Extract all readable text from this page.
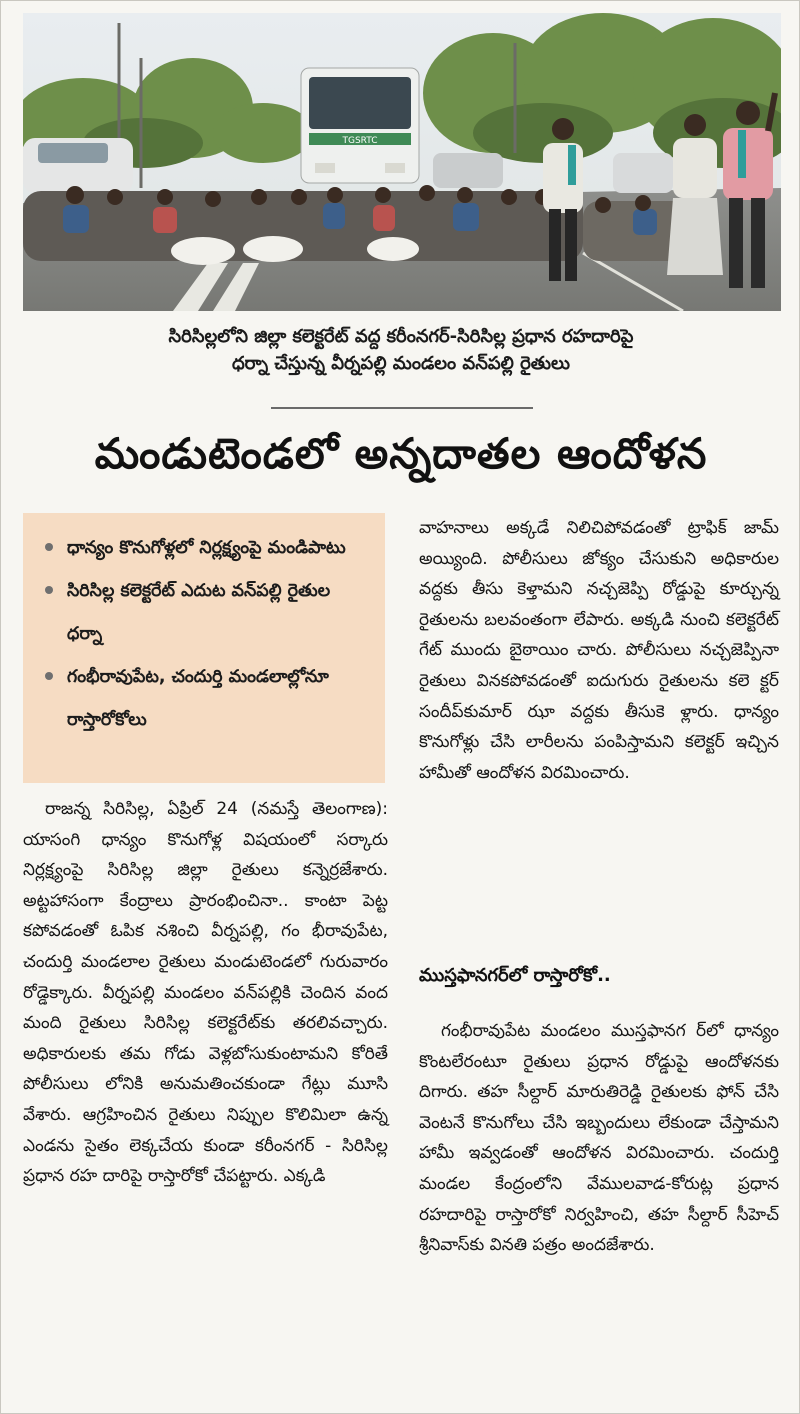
TGSRTC
సిరిసిల్లలోని జిల్లా కలెక్టరేట్ వద్ద కరీంనగర్-సిరిసిల్ల ప్రధాన రహదారిపై
ధర్నా చేస్తున్న వీర్నపల్లి మండలం వన్‌పల్లి రైతులు
మండుటెండలో అన్నదాతల ఆందోళన
ధాన్యం కొనుగోళ్లలో నిర్లక్ష్యంపై మండిపాటు
సిరిసిల్ల కలెక్టరేట్ ఎదుట వన్‌పల్లి రైతుల ధర్నా
గంభీరావుపేట, చందుర్తి మండలాల్లోనూ రాస్తారోకోలు
రాజన్న సిరిసిల్ల, ఏప్రిల్ 24 (నమస్తే తెలంగాణ): యాసంగి ధాన్యం కొనుగోళ్ల విషయంలో సర్కారు నిర్లక్ష్యంపై సిరిసిల్ల జిల్లా రైతులు కన్నెర్రజేశారు. అట్టహాసంగా కేంద్రాలు ప్రారంభించినా.. కాంటా పెట్ట కపోవడంతో ఓపిక నశించి వీర్నపల్లి, గం భీరావుపేట, చందుర్తి మండలాల రైతులు మండుటెండలో గురువారం రోడ్డెక్కారు. వీర్నపల్లి మండలం వన్‌పల్లికి చెందిన వంద మంది రైతులు సిరిసిల్ల కలెక్టరేట్‌కు తరలివచ్చారు. అధికారులకు తమ గోడు వెళ్లబోసుకుంటామని కోరితే పోలీసులు లోనికి అనుమతించకుండా గేట్లు మూసి వేశారు. ఆగ్రహించిన రైతులు నిప్పుల కొలిమిలా ఉన్న ఎండను సైతం లెక్కచేయ కుండా కరీంనగర్ - సిరిసిల్ల ప్రధాన రహ దారిపై రాస్తారోకో చేపట్టారు. ఎక్కడి
వాహనాలు అక్కడే నిలిచిపోవడంతో ట్రాఫిక్ జామ్ అయ్యింది. పోలీసులు జోక్యం చేసుకుని అధికారుల వద్దకు తీసు కెళ్తామని నచ్చజెప్పి రోడ్డుపై కూర్చున్న రైతులను బలవంతంగా లేపారు. అక్కడి నుంచి కలెక్టరేట్ గేట్ ముందు బైఠాయిం చారు. పోలీసులు నచ్చజెప్పినా రైతులు వినకపోవడంతో ఐదుగురు రైతులను కలె క్టర్ సందీప్‌కుమార్ ఝా వద్దకు తీసుకె ళ్లారు. ధాన్యం కొనుగోళ్లు చేసి లారీలను పంపిస్తామని కలెక్టర్ ఇచ్చిన హామీతో ఆందోళన విరమించారు.
ముస్తఫానగర్‌లో రాస్తారోకో..
గంభీరావుపేట మండలం ముస్తఫానగ ర్‌లో ధాన్యం కొంటలేరంటూ రైతులు ప్రధాన రోడ్డుపై ఆందోళనకు దిగారు. తహ సీల్దార్ మారుతిరెడ్డి రైతులకు ఫోన్ చేసి వెంటనే కొనుగోలు చేసి ఇబ్బందులు లేకుండా చేస్తామని హామీ ఇవ్వడంతో ఆందోళన విరమించారు. చందుర్తి మండల కేంద్రంలోని వేములవాడ-కోరుట్ల ప్రధాన రహదారిపై రాస్తారోకో నిర్వహించి, తహ సీల్దార్ సీహెచ్ శ్రీనివాస్‌కు వినతి పత్రం అందజేశారు.
